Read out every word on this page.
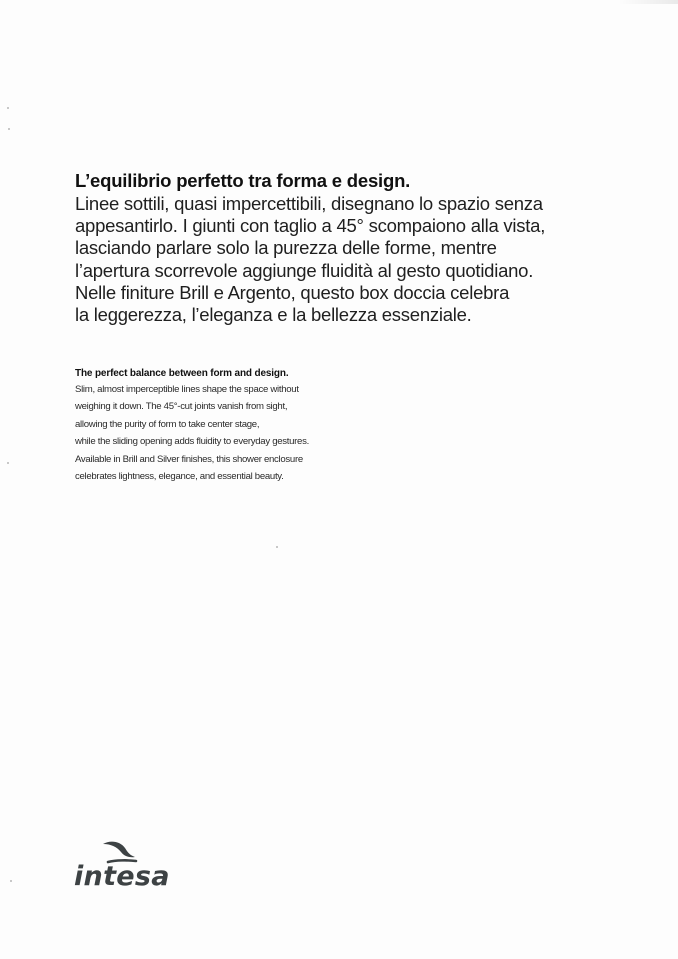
L’equilibrio perfetto tra forma e design.

Linee sottili, quasi impercettibili, disegnano lo spazio senza

appesantirlo. I giunti con taglio a 45° scompaiono alla vista,

lasciando parlare solo la purezza delle forme, mentre

l’apertura scorrevole aggiunge fluidità al gesto quotidiano.

Nelle finiture Brill e Argento, questo box doccia celebra

la leggerezza, l’eleganza e la bellezza essenziale.

The perfect balance between form and design.

Slim, almost imperceptible lines shape the space without

weighing it down. The 45°-cut joints vanish from sight,

allowing the purity of form to take center stage,

while the sliding opening adds fluidity to everyday gestures.

Available in Brill and Silver finishes, this shower enclosure

celebrates lightness, elegance, and essential beauty.

intesa
